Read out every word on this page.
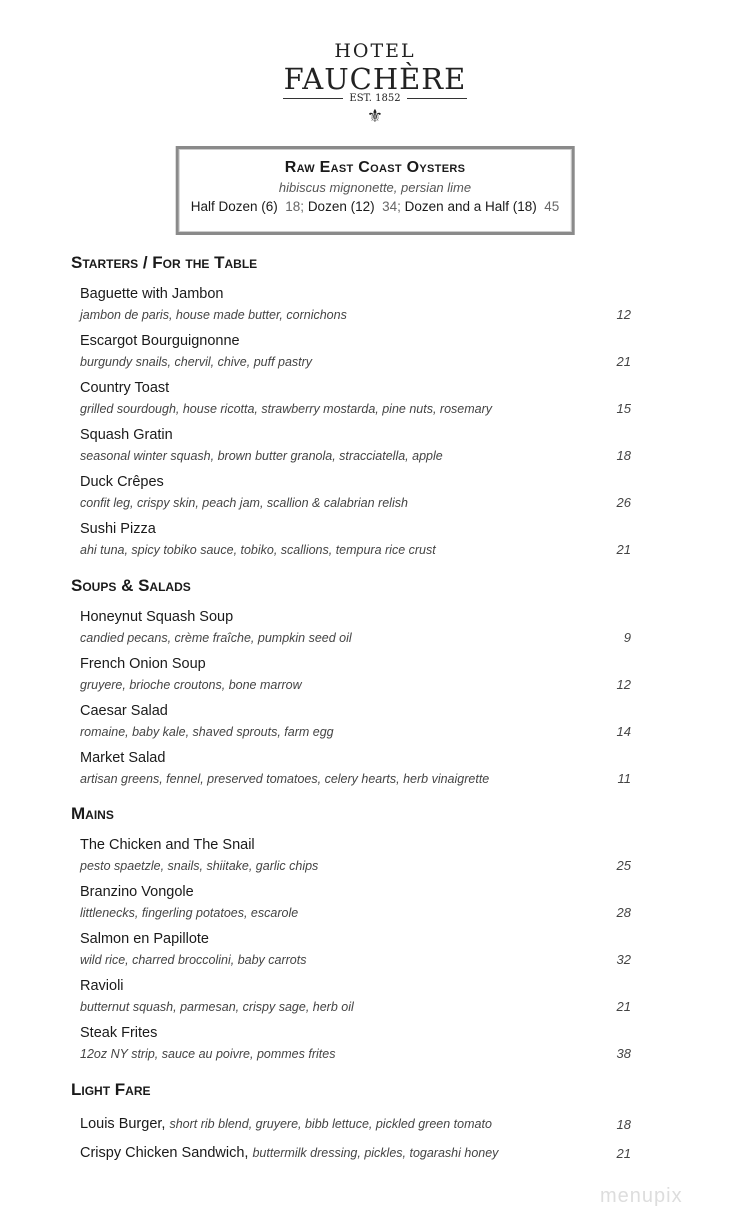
HOTEL
FAUCHÈRE
EST. 1852
⚜
Raw East Coast Oysters
hibiscus mignonette, persian lime
Half Dozen (6) 18; Dozen (12) 34; Dozen and a Half (18) 45
Starters / For the Table
Baguette with Jambon
jambon de paris, house made butter, cornichons	12
Escargot Bourguignonne
burgundy snails, chervil, chive, puff pastry	21
Country Toast
grilled sourdough, house ricotta, strawberry mostarda, pine nuts, rosemary	15
Squash Gratin
seasonal winter squash, brown butter granola, stracciatella, apple	18
Duck Crêpes
confit leg, crispy skin, peach jam, scallion & calabrian relish	26
Sushi Pizza
ahi tuna, spicy tobiko sauce, tobiko, scallions, tempura rice crust	21
Soups & Salads
Honeynut Squash Soup
candied pecans, crème fraîche, pumpkin seed oil	9
French Onion Soup
gruyere, brioche croutons, bone marrow	12
Caesar Salad
romaine, baby kale, shaved sprouts, farm egg	14
Market Salad
artisan greens, fennel, preserved tomatoes, celery hearts, herb vinaigrette	11
Mains
The Chicken and The Snail
pesto spaetzle, snails, shiitake, garlic chips	25
Branzino Vongole
littlenecks, fingerling potatoes, escarole	28
Salmon en Papillote
wild rice, charred broccolini, baby carrots	32
Ravioli
butternut squash, parmesan, crispy sage, herb oil	21
Steak Frites
12oz NY strip, sauce au poivre, pommes frites	38
Light Fare
Louis Burger, short rib blend, gruyere, bibb lettuce, pickled green tomato	18
Crispy Chicken Sandwich, buttermilk dressing, pickles, togarashi honey	21
menupix
